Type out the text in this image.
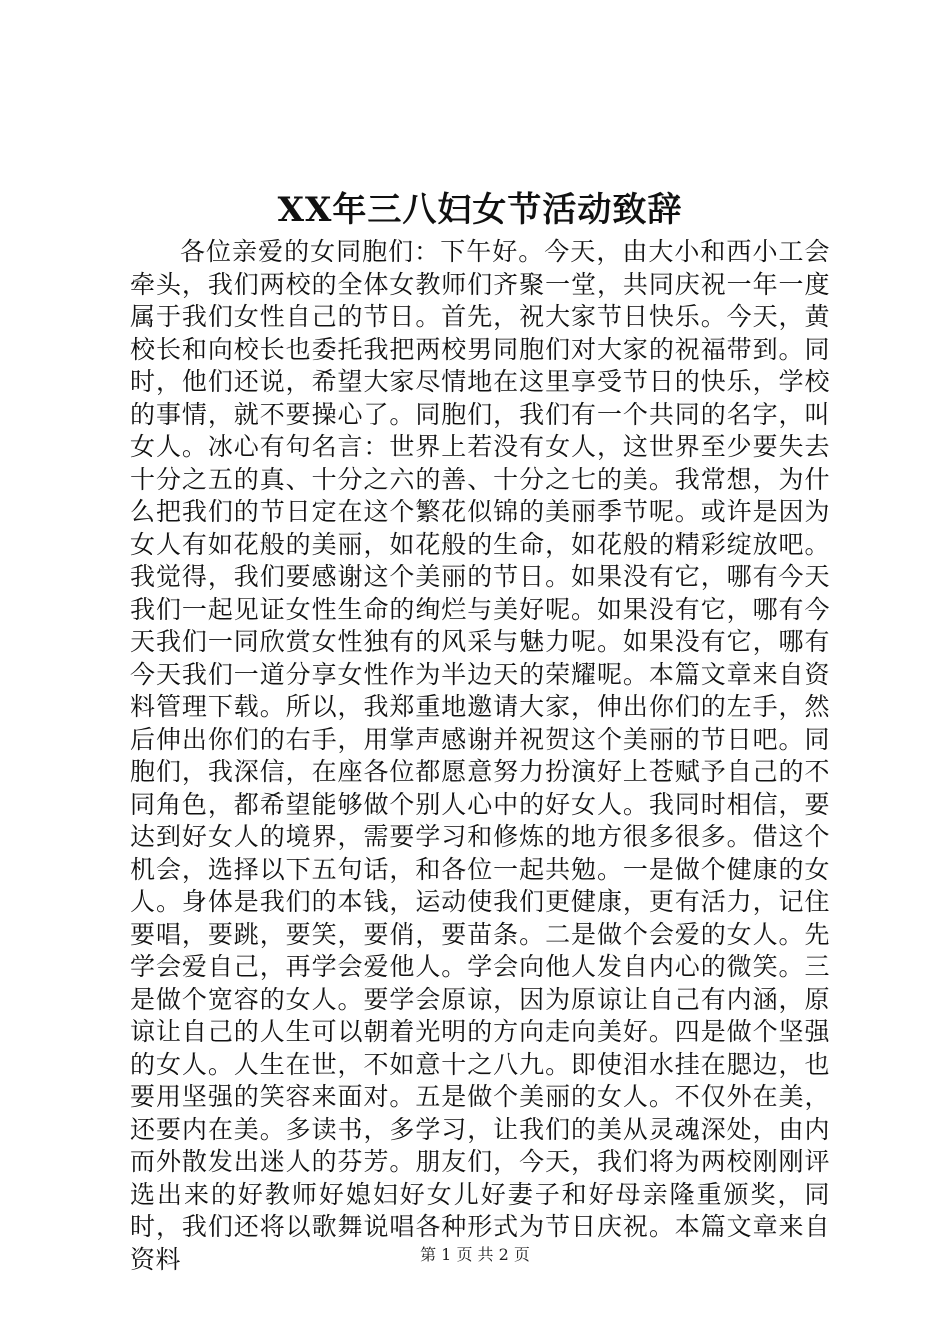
XX年三八妇女节活动致辞

各位亲爱的女同胞们：下午好。今天，由大小和西小工会牵头，我们两校的全体女教师们齐聚一堂，共同庆祝一年一度属于我们女性自己的节日。首先，祝大家节日快乐。今天，黄校长和向校长也委托我把两校男同胞们对大家的祝福带到。同时，他们还说，希望大家尽情地在这里享受节日的快乐，学校的事情，就不要操心了。同胞们，我们有一个共同的名字，叫女人。冰心有句名言：世界上若没有女人，这世界至少要失去十分之五的真、十分之六的善、十分之七的美。我常想，为什么把我们的节日定在这个繁花似锦的美丽季节呢。或许是因为女人有如花般的美丽，如花般的生命，如花般的精彩绽放吧。我觉得，我们要感谢这个美丽的节日。如果没有它，哪有今天我们一起见证女性生命的绚烂与美好呢。如果没有它，哪有今天我们一同欣赏女性独有的风采与魅力呢。如果没有它，哪有今天我们一道分享女性作为半边天的荣耀呢。本篇文章来自资料管理下载。所以，我郑重地邀请大家，伸出你们的左手，然后伸出你们的右手，用掌声感谢并祝贺这个美丽的节日吧。同胞们，我深信，在座各位都愿意努力扮演好上苍赋予自己的不同角色，都希望能够做个别人心中的好女人。我同时相信，要达到好女人的境界，需要学习和修炼的地方很多很多。借这个机会，选择以下五句话，和各位一起共勉。一是做个健康的女人。身体是我们的本钱，运动使我们更健康，更有活力，记住要唱，要跳，要笑，要俏，要苗条。二是做个会爱的女人。先学会爱自己，再学会爱他人。学会向他人发自内心的微笑。三是做个宽容的女人。要学会原谅，因为原谅让自己有内涵，原谅让自己的人生可以朝着光明的方向走向美好。四是做个坚强的女人。人生在世，不如意十之八九。即使泪水挂在腮边，也要用坚强的笑容来面对。五是做个美丽的女人。不仅外在美，还要内在美。多读书，多学习，让我们的美从灵魂深处，由内而外散发出迷人的芬芳。朋友们，今天，我们将为两校刚刚评选出来的好教师好媳妇好女儿好妻子和好母亲隆重颁奖，同时，我们还将以歌舞说唱各种形式为节日庆祝。本篇文章来自资料	第 1 页 共 2 页
